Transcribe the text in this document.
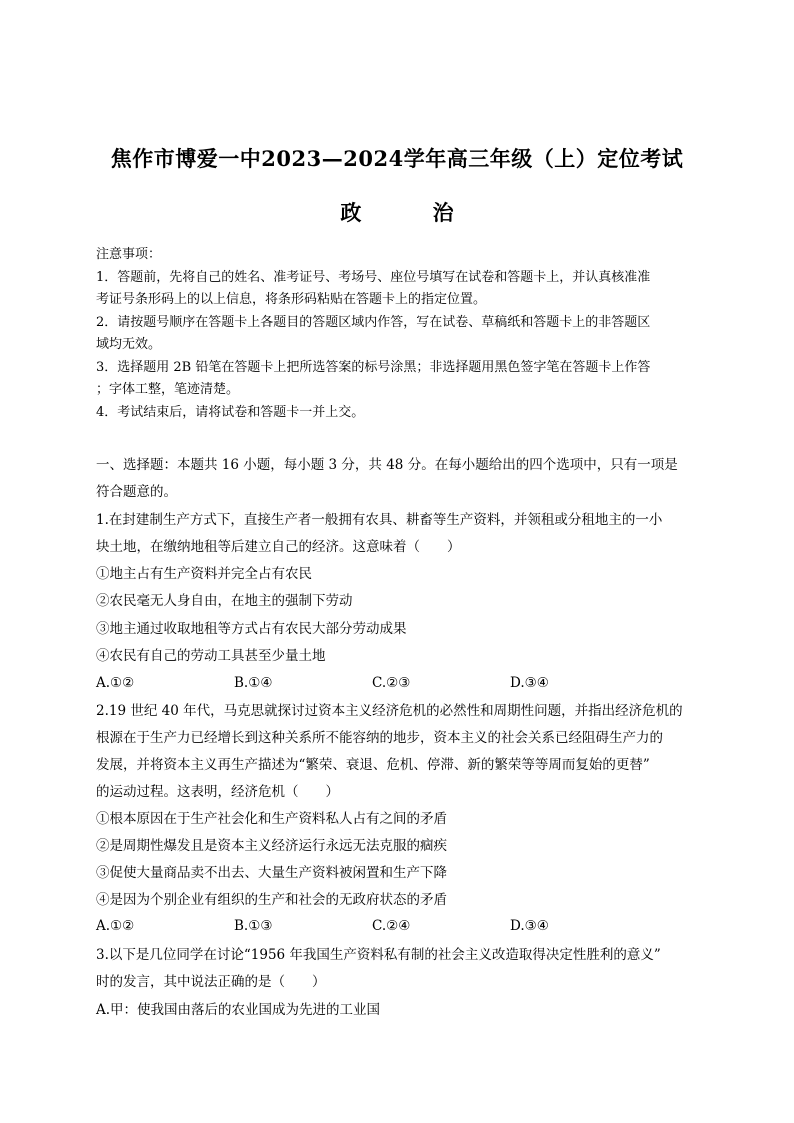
焦作市博爱一中2023—2024学年高三年级（上）定位考试
政 治
注意事项：
1．答题前，先将自己的姓名、准考证号、考场号、座位号填写在试卷和答题卡上，并认真核准准
考证号条形码上的以上信息，将条形码粘贴在答题卡上的指定位置。
2．请按题号顺序在答题卡上各题目的答题区域内作答，写在试卷、草稿纸和答题卡上的非答题区
域均无效。
3．选择题用 2B 铅笔在答题卡上把所选答案的标号涂黑；非选择题用黑色签字笔在答题卡上作答
；字体工整，笔迹清楚。
4．考试结束后，请将试卷和答题卡一并上交。
一、选择题：本题共 16 小题，每小题 3 分，共 48 分。在每小题给出的四个选项中，只有一项是
符合题意的。
1.在封建制生产方式下，直接生产者一般拥有农具、耕畜等生产资料，并领租或分租地主的一小
块土地，在缴纳地租等后建立自己的经济。这意味着（　　）
①地主占有生产资料并完全占有农民
②农民毫无人身自由，在地主的强制下劳动
③地主通过收取地租等方式占有农民大部分劳动成果
④农民有自己的劳动工具甚至少量土地
A.①②	B.①④	C.②③	D.③④
2.19 世纪 40 年代，马克思就探讨过资本主义经济危机的必然性和周期性问题，并指出经济危机的
根源在于生产力已经增长到这种关系所不能容纳的地步，资本主义的社会关系已经阻碍生产力的
发展，并将资本主义再生产描述为“繁荣、衰退、危机、停滞、新的繁荣等等周而复始的更替”
的运动过程。这表明，经济危机（　　）
①根本原因在于生产社会化和生产资料私人占有之间的矛盾
②是周期性爆发且是资本主义经济运行永远无法克服的痼疾
③促使大量商品卖不出去、大量生产资料被闲置和生产下降
④是因为个别企业有组织的生产和社会的无政府状态的矛盾
A.①②	B.①③	C.②④	D.③④
3.以下是几位同学在讨论“1956 年我国生产资料私有制的社会主义改造取得决定性胜利的意义”
时的发言，其中说法正确的是（　　）
A.甲：使我国由落后的农业国成为先进的工业国
